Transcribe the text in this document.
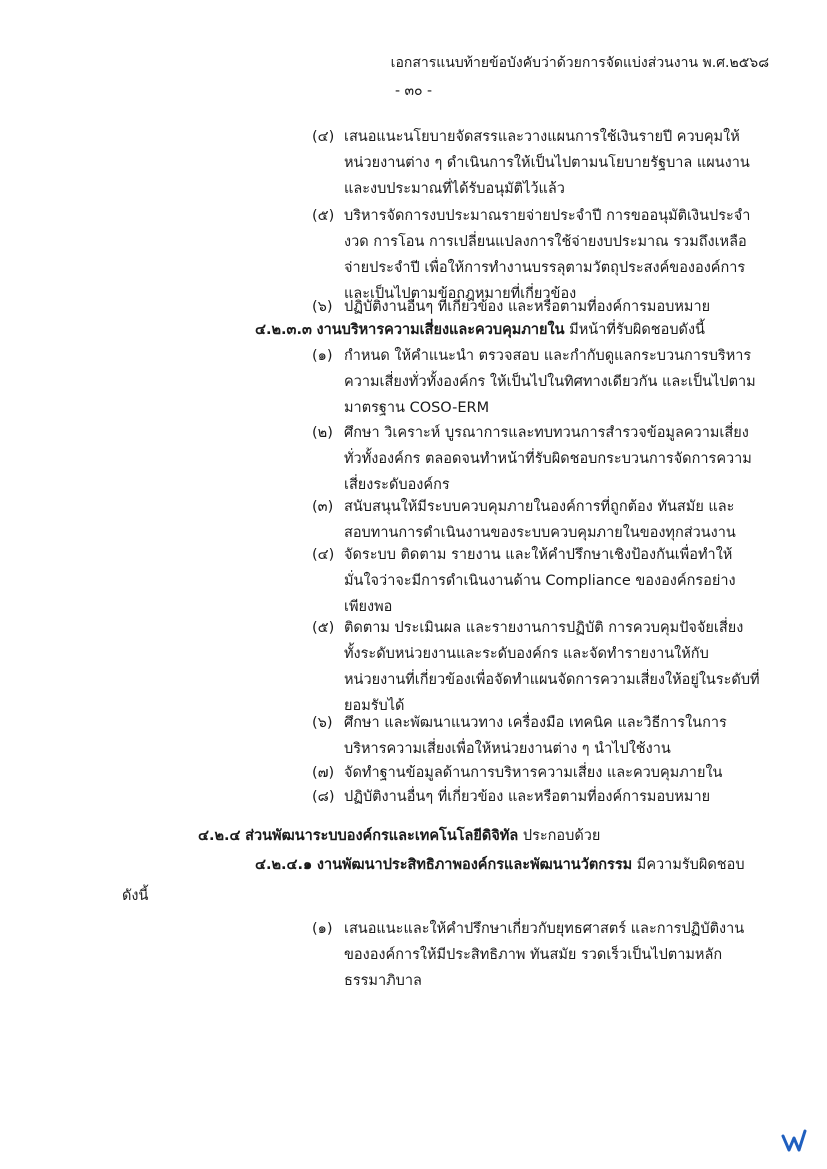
เอกสารแนบท้ายข้อบังคับว่าด้วยการจัดแบ่งส่วนงาน พ.ศ.๒๕๖๘
- ๓๐ -
(๔) เสนอแนะนโยบายจัดสรรและวางแผนการใช้เงินรายปี ควบคุมให้
หน่วยงานต่าง ๆ ดำเนินการให้เป็นไปตามนโยบายรัฐบาล แผนงาน
และงบประมาณที่ได้รับอนุมัติไว้แล้ว
(๕) บริหารจัดการงบประมาณรายจ่ายประจำปี การขออนุมัติเงินประจำ
งวด การโอน การเปลี่ยนแปลงการใช้จ่ายงบประมาณ รวมถึงเหลือ
จ่ายประจำปี เพื่อให้การทำงานบรรลุตามวัตถุประสงค์ขององค์การ
และเป็นไปตามข้อกฎหมายที่เกี่ยวข้อง
(๖) ปฏิบัติงานอื่นๆ ที่เกี่ยวข้อง และหรือตามที่องค์การมอบหมาย
๔.๒.๓.๓ งานบริหารความเสี่ยงและควบคุมภายใน มีหน้าที่รับผิดชอบดังนี้
(๑) กำหนด ให้คำแนะนำ ตรวจสอบ และกำกับดูแลกระบวนการบริหาร
ความเสี่ยงทั่วทั้งองค์กร ให้เป็นไปในทิศทางเดียวกัน และเป็นไปตาม
มาตรฐาน COSO-ERM
(๒) ศึกษา วิเคราะห์ บูรณาการและทบทวนการสำรวจข้อมูลความเสี่ยง
ทั่วทั้งองค์กร ตลอดจนทำหน้าที่รับผิดชอบกระบวนการจัดการความ
เสี่ยงระดับองค์กร
(๓) สนับสนุนให้มีระบบควบคุมภายในองค์การที่ถูกต้อง ทันสมัย และ
สอบทานการดำเนินงานของระบบควบคุมภายในของทุกส่วนงาน
(๔) จัดระบบ ติดตาม รายงาน และให้คำปรึกษาเชิงป้องกันเพื่อทำให้
มั่นใจว่าจะมีการดำเนินงานด้าน Compliance ขององค์กรอย่าง
เพียงพอ
(๕) ติดตาม ประเมินผล และรายงานการปฏิบัติ การควบคุมปัจจัยเสี่ยง
ทั้งระดับหน่วยงานและระดับองค์กร และจัดทำรายงานให้กับ
หน่วยงานที่เกี่ยวข้องเพื่อจัดทำแผนจัดการความเสี่ยงให้อยู่ในระดับที่
ยอมรับได้
(๖) ศึกษา และพัฒนาแนวทาง เครื่องมือ เทคนิค และวิธีการในการ
บริหารความเสี่ยงเพื่อให้หน่วยงานต่าง ๆ นำไปใช้งาน
(๗) จัดทำฐานข้อมูลด้านการบริหารความเสี่ยง และควบคุมภายใน
(๘) ปฏิบัติงานอื่นๆ ที่เกี่ยวข้อง และหรือตามที่องค์การมอบหมาย
๔.๒.๔ ส่วนพัฒนาระบบองค์กรและเทคโนโลยีดิจิทัล ประกอบด้วย
๔.๒.๔.๑ งานพัฒนาประสิทธิภาพองค์กรและพัฒนานวัตกรรม มีความรับผิดชอบ
ดังนี้
(๑) เสนอแนะและให้คำปรึกษาเกี่ยวกับยุทธศาสตร์ และการปฏิบัติงาน
ขององค์การให้มีประสิทธิภาพ ทันสมัย รวดเร็วเป็นไปตามหลัก
ธรรมาภิบาล
